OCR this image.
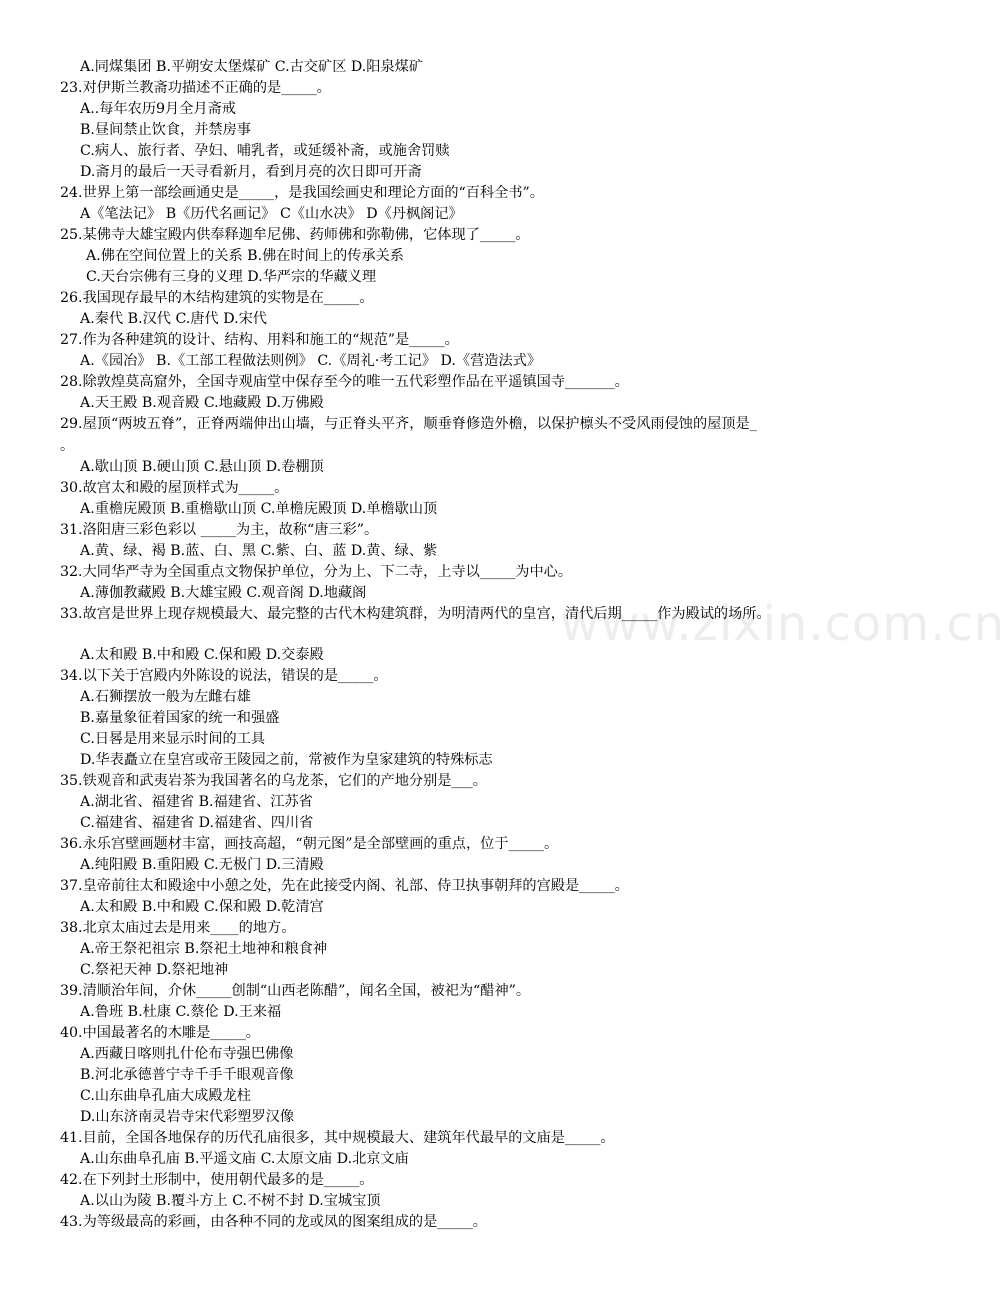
www.zixin.com.cn
A.同煤集团 B.平朔安太堡煤矿 C.古交矿区 D.阳泉煤矿
23.对伊斯兰教斋功描述不正确的是_____。
A..每年农历9月全月斋戒
B.昼间禁止饮食，并禁房事
C.病人、旅行者、孕妇、哺乳者，或延缓补斋，或施舍罚赎
D.斋月的最后一天寻看新月，看到月亮的次日即可开斋
24.世界上第一部绘画通史是_____，是我国绘画史和理论方面的“百科全书”。
A《笔法记》 B《历代名画记》 C《山水决》 D《丹枫阁记》
25.某佛寺大雄宝殿内供奉释迦牟尼佛、药师佛和弥勒佛，它体现了_____。
A.佛在空间位置上的关系 B.佛在时间上的传承关系
C.天台宗佛有三身的义理 D.华严宗的华藏义理
26.我国现存最早的木结构建筑的实物是在_____。
A.秦代 B.汉代 C.唐代 D.宋代
27.作为各种建筑的设计、结构、用料和施工的“规范”是_____。
A.《园冶》 B.《工部工程做法则例》 C.《周礼·考工记》 D.《营造法式》
28.除敦煌莫高窟外，全国寺观庙堂中保存至今的唯一五代彩塑作品在平遥镇国寺_______。
A.天王殿 B.观音殿 C.地藏殿 D.万佛殿
29.屋顶“两坡五脊”，正脊两端伸出山墙，与正脊头平齐，顺垂脊修造外檐，以保护檩头不受风雨侵蚀的屋顶是_
。
A.歇山顶 B.硬山顶 C.悬山顶 D.卷棚顶
30.故宫太和殿的屋顶样式为_____。
A.重檐庑殿顶 B.重檐歇山顶 C.单檐庑殿顶 D.单檐歇山顶
31.洛阳唐三彩色彩以 _____为主，故称“唐三彩”。
A.黄、绿、褐 B.蓝、白、黑 C.紫、白、蓝 D.黄、绿、紫
32.大同华严寺为全国重点文物保护单位，分为上、下二寺，上寺以_____为中心。
A.薄伽教藏殿 B.大雄宝殿 C.观音阁 D.地藏阁
33.故宫是世界上现存规模最大、最完整的古代木构建筑群，为明清两代的皇宫，清代后期_____作为殿试的场所。
A.太和殿 B.中和殿 C.保和殿 D.交泰殿
34.以下关于宫殿内外陈设的说法，错误的是_____。
A.石狮摆放一般为左雌右雄
B.嘉量象征着国家的统一和强盛
C.日晷是用来显示时间的工具
D.华表矗立在皇宫或帝王陵园之前，常被作为皇家建筑的特殊标志
35.铁观音和武夷岩茶为我国著名的乌龙茶，它们的产地分别是___。
A.湖北省、福建省 B.福建省、江苏省
C.福建省、福建省 D.福建省、四川省
36.永乐宫壁画题材丰富，画技高超，“朝元图”是全部壁画的重点，位于_____。
A.纯阳殿 B.重阳殿 C.无极门 D.三清殿
37.皇帝前往太和殿途中小憩之处，先在此接受内阁、礼部、侍卫执事朝拜的宫殿是_____。
A.太和殿 B.中和殿 C.保和殿 D.乾清宫
38.北京太庙过去是用来____的地方。
A.帝王祭祀祖宗 B.祭祀土地神和粮食神
C.祭祀天神 D.祭祀地神
39.清顺治年间，介休_____创制“山西老陈醋”，闻名全国，被祀为“醋神”。
A.鲁班 B.杜康 C.蔡伦 D.王来福
40.中国最著名的木雕是_____。
A.西藏日喀则扎什伦布寺强巴佛像
B.河北承德普宁寺千手千眼观音像
C.山东曲阜孔庙大成殿龙柱
D.山东济南灵岩寺宋代彩塑罗汉像
41.目前，全国各地保存的历代孔庙很多，其中规模最大、建筑年代最早的文庙是_____。
A.山东曲阜孔庙 B.平遥文庙 C.太原文庙 D.北京文庙
42.在下列封土形制中，使用朝代最多的是_____。
A.以山为陵 B.覆斗方上 C.不树不封 D.宝城宝顶
43.为等级最高的彩画，由各种不同的龙或凤的图案组成的是_____。
